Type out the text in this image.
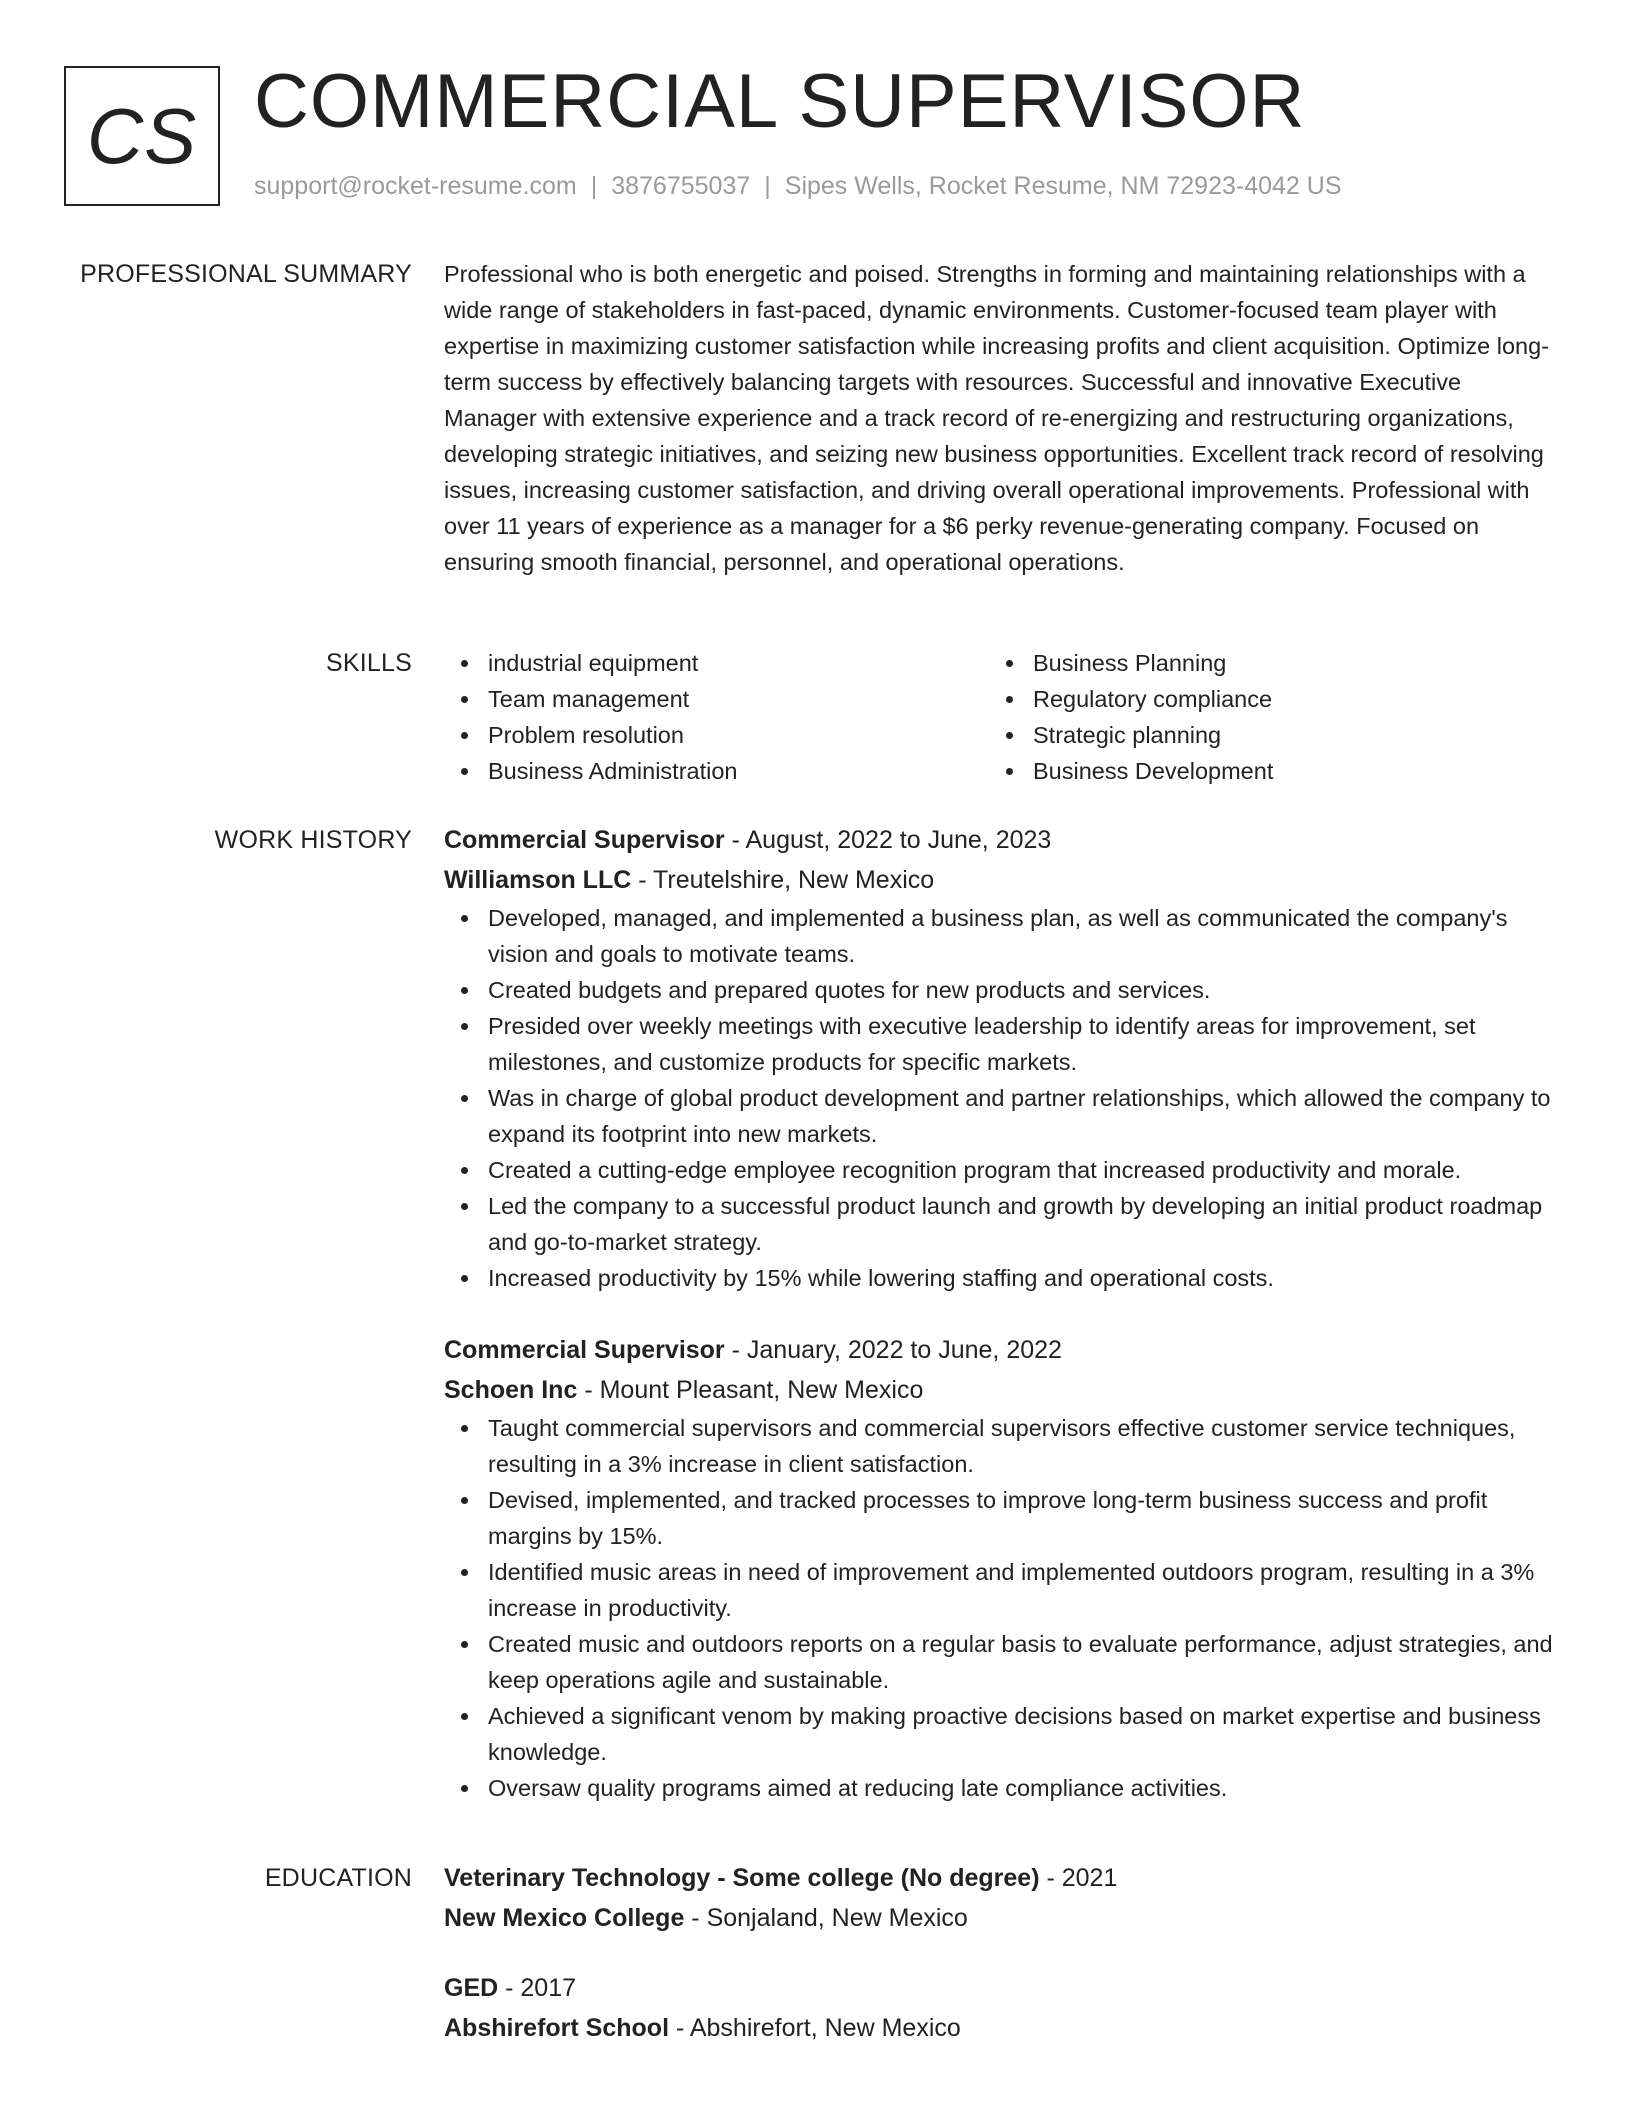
CS COMMERCIAL SUPERVISOR
support@rocket-resume.com | 3876755037 | Sipes Wells, Rocket Resume, NM 72923-4042 US
PROFESSIONAL SUMMARY Professional who is both energetic and poised. Strengths in forming and maintaining relationships with a wide range of stakeholders in fast-paced, dynamic environments. Customer-focused team player with expertise in maximizing customer satisfaction while increasing profits and client acquisition. Optimize long-term success by effectively balancing targets with resources. Successful and innovative Executive Manager with extensive experience and a track record of re-energizing and restructuring organizations, developing strategic initiatives, and seizing new business opportunities. Excellent track record of resolving issues, increasing customer satisfaction, and driving overall operational improvements. Professional with over 11 years of experience as a manager for a $6 perky revenue-generating company. Focused on ensuring smooth financial, personnel, and operational operations.

SKILLS	industrial equipment
Team management
Problem resolution
Business Administration
Business Planning
Regulatory compliance
Strategic planning
Business Development
WORK HISTORY Commercial Supervisor - August, 2022 to June, 2023
Williamson LLC - Treutelshire, New Mexico
Developed, managed, and implemented a business plan, as well as communicated the company's vision and goals to motivate teams.
Created budgets and prepared quotes for new products and services.
Presided over weekly meetings with executive leadership to identify areas for improvement, set milestones, and customize products for specific markets.
Was in charge of global product development and partner relationships, which allowed the company to expand its footprint into new markets.
Created a cutting-edge employee recognition program that increased productivity and morale.
Led the company to a successful product launch and growth by developing an initial product roadmap and go-to-market strategy.
Increased productivity by 15% while lowering staffing and operational costs.
Commercial Supervisor - January, 2022 to June, 2022
Schoen Inc - Mount Pleasant, New Mexico
Taught commercial supervisors and commercial supervisors effective customer service techniques, resulting in a 3% increase in client satisfaction.
Devised, implemented, and tracked processes to improve long-term business success and profit margins by 15%.
Identified music areas in need of improvement and implemented outdoors program, resulting in a 3% increase in productivity.
Created music and outdoors reports on a regular basis to evaluate performance, adjust strategies, and keep operations agile and sustainable.
Achieved a significant venom by making proactive decisions based on market expertise and business knowledge.
Oversaw quality programs aimed at reducing late compliance activities.
EDUCATION Veterinary Technology - Some college (No degree) - 2021
New Mexico College - Sonjaland, New Mexico
GED - 2017
Abshirefort School - Abshirefort, New Mexico
